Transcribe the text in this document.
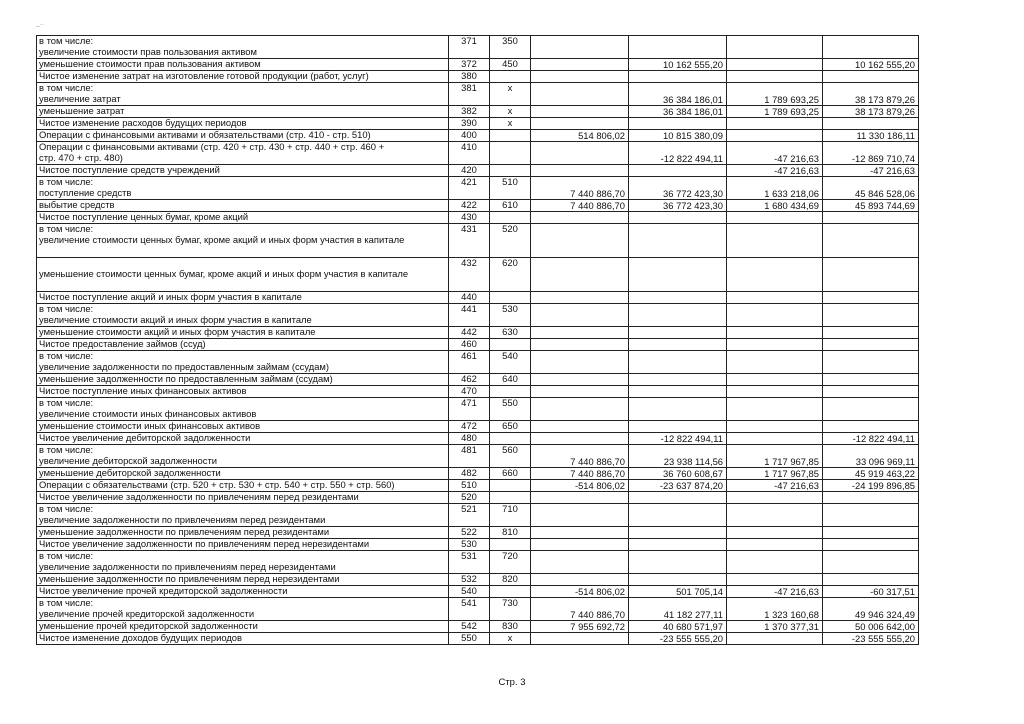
_..
в том числе:
увеличение стоимости прав пользования активом	371	350				

уменьшение стоимости прав пользования активом	372	450		10 162 555,20		10 162 555,20

Чистое изменение затрат на изготовление готовой продукции (работ, услуг)	380					

в том числе:
увеличение затрат	381	x		36 384 186,01	1 789 693,25	38 173 879,26

уменьшение затрат	382	x		36 384 186,01	1 789 693,25	38 173 879,26

Чистое изменение расходов будущих периодов	390	x				

Операции с финансовыми активами и обязательствами (стр. 410 - стр. 510)	400		514 806,02	10 815 380,09		11 330 186,11

Операции с финансовыми активами (стр. 420 + стр. 430 + стр. 440 + стр. 460 +
стр. 470 + стр. 480)	410			-12 822 494,11	-47 216,63	-12 869 710,74

Чистое поступление средств учреждений	420				-47 216,63	-47 216,63

в том числе:
поступление средств	421	510	7 440 886,70	36 772 423,30	1 633 218,06	45 846 528,06

выбытие средств	422	610	7 440 886,70	36 772 423,30	1 680 434,69	45 893 744,69

Чистое поступление ценных бумаг, кроме акций	430					

в том числе:
увеличение стоимости ценных бумаг, кроме акций и иных форм участия в капитале	431	520				

уменьшение стоимости ценных бумаг, кроме акций и иных форм участия в капитале	432	620				

Чистое поступление акций и иных форм участия в капитале	440					

в том числе:
увеличение стоимости акций и иных форм участия в капитале	441	530				

уменьшение стоимости акций и иных форм участия в капитале	442	630				

Чистое предоставление займов (ссуд)	460					

в том числе:
увеличение задолженности по предоставленным займам (ссудам)	461	540				

уменьшение задолженности по предоставленным займам (ссудам)	462	640				

Чистое поступление иных финансовых активов	470					

в том числе:
увеличение стоимости иных финансовых активов	471	550				

уменьшение стоимости иных финансовых активов	472	650				

Чистое увеличение дебиторской задолженности	480			-12 822 494,11		-12 822 494,11

в том числе:
увеличение дебиторской задолженности	481	560	7 440 886,70	23 938 114,56	1 717 967,85	33 096 969,11

уменьшение дебиторской задолженности	482	660	7 440 886,70	36 760 608,67	1 717 967,85	45 919 463,22

Операции с обязательствами (стр. 520 + стр. 530 + стр. 540 + стр. 550 + стр. 560)	510		-514 806,02	-23 637 874,20	-47 216,63	-24 199 896,85

Чистое увеличение задолженности по привлечениям перед резидентами	520					

в том числе:
увеличение задолженности по привлечениям перед резидентами	521	710				

уменьшение задолженности по привлечениям перед резидентами	522	810				

Чистое увеличение задолженности по привлечениям перед нерезидентами	530					

в том числе:
увеличение задолженности по привлечениям перед нерезидентами	531	720				

уменьшение задолженности по привлечениям перед нерезидентами	532	820				

Чистое увеличение прочей кредиторской задолженности	540		-514 806,02	501 705,14	-47 216,63	-60 317,51

в том числе:
увеличение прочей кредиторской задолженности	541	730	7 440 886,70	41 182 277,11	1 323 160,68	49 946 324,49

уменьшение прочей кредиторской задолженности	542	830	7 955 692,72	40 680 571,97	1 370 377,31	50 006 642,00

Чистое изменение доходов будущих периодов	550	x		-23 555 555,20		-23 555 555,20
Стр. 3
